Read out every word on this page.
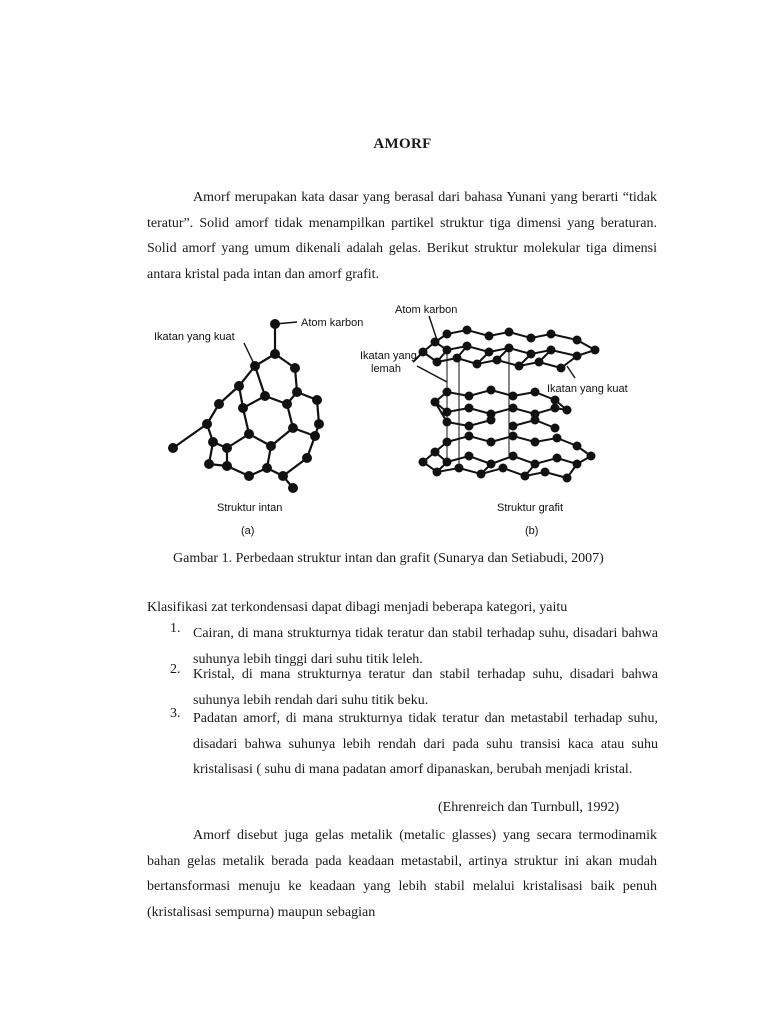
AMORF

Amorf merupakan kata dasar yang berasal dari bahasa Yunani yang berarti “tidak teratur”. Solid amorf tidak menampilkan partikel struktur tiga dimensi yang beraturan. Solid amorf yang umum dikenali adalah gelas. Berikut struktur molekular tiga dimensi antara kristal pada intan dan amorf grafit.

Atom karbon
Ikatan yang kuat
Struktur intan
(a)
Atom karbon
Ikatan yang
lemah
Ikatan yang kuat
Struktur grafit
(b)
Gambar 1. Perbedaan struktur intan dan grafit (Sunarya dan Setiabudi, 2007)
Klasifikasi zat terkondensasi dapat dibagi menjadi beberapa kategori, yaitu
1. Cairan, di mana strukturnya tidak teratur dan stabil terhadap suhu, disadari bahwa suhunya lebih tinggi dari suhu titik leleh.
2. Kristal, di mana strukturnya teratur dan stabil terhadap suhu, disadari bahwa suhunya lebih rendah dari suhu titik beku.
3. Padatan amorf, di mana strukturnya tidak teratur dan metastabil terhadap suhu, disadari bahwa suhunya lebih rendah dari pada suhu transisi kaca atau suhu kristalisasi ( suhu di mana padatan amorf dipanaskan, berubah menjadi kristal.
(Ehrenreich dan Turnbull, 1992)

Amorf disebut juga gelas metalik (metalic glasses) yang secara termodinamik bahan gelas metalik berada pada keadaan metastabil, artinya struktur ini akan mudah bertansformasi menuju ke keadaan yang lebih stabil melalui kristalisasi baik penuh (kristalisasi sempurna) maupun sebagian
